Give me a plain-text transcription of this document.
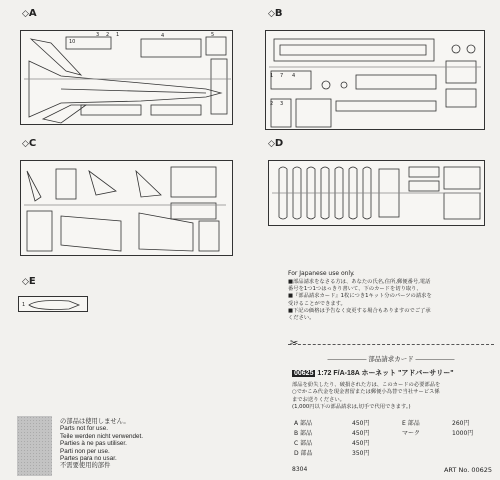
◇A	◇B
◇C	◇D
◇E
10
3 2 1	4	5
1 7 4
2 3
1
For Japanese use only.
■部品請求をなさる方は、あなたの氏名,住所,郵便番号,電話
番号を1つ1つはっきり書いて、下のカードを切り取り、
■『部品請求カード』1枚につき1キット分のパーツの請求を
受けることができます。
■下記の価格は予告なく変更する場合もありますのでご了承
ください。
✂
―――――― 部品請求カード ――――――
00625 1:72 F/A-18A ホーネット "アドバーサリー"
部品を紛失したり、破損された方は、このカードの必要部品を
○でかこみ代金を現金書留または郵便小為替で当社サービス係
までお送りください。
(1,000円以下の部品請求は,切手で代用できます。)
A 部品	450円	E 部品	260円
B 部品	450円	マーク	1000円
C 部品	450円
D 部品	350円
8304	ART No. 00625
の部品は使用しません。
Parts not for use.
Teile werden nicht verwendet.
Parties à ne pas utiliser.
Parti non per use.
Partes para no usar.
不需要使用的部件
